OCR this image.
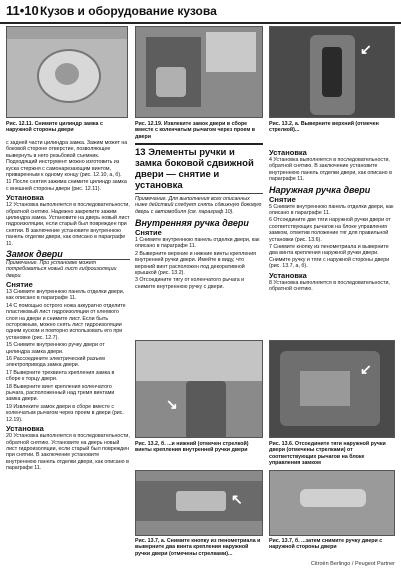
11•10 Кузов и оборудование кузова
Рис. 12.11. Снимите цилиндр замка с наружной стороны двери
Рис. 12.19. Извлеките замок двери в сборе вместе с коленчатым рычагом через проем в двери
↙
Рис. 13.2, а. Выверните верхний (отмечен стрелкой)...

с задней части цилиндра замка. Зажим может на боковой стороне отверстие, позволяющее вывернуть в него резьбовой съемник. Подходящий инструмент можно изготовить из куска стержня с самонарезающим винтом, приваренным к одному концу (рис. 12.10, а, б).

11 После снятия зажима снимите цилиндр замка с внешней стороны двери (рис. 12.11).

Установка

12 Установка выполняется в последовательности, обратной снятию. Надежно закрепите зажим цилиндра замка. Установите на дверь новый лист гидроизоляции, если старый был поврежден при снятии. В заключение установите внутреннюю панель отделки двери, как описано в параграфе 11.

Замок двери

Примечание. При установке может потребоваться новый лист гидроизоляции двери.

Снятие

13 Снимите внутреннюю панель отделки двери, как описано в параграфе 11.

14 С помощью острого ножа аккуратно отделите пластиковый лист гидроизоляции от клеевого слоя на двери и снимите лист. Если быть осторожным, можно снять лист гидроизоляции одним куском и повторно использовать его при установке (рис. 12.7).

15 Снимите внутреннюю ручку двери от цилиндра замка двери.

16 Рассоедините электрический разъем электропривода замка двери.

17 Выверните трехвинта крепления замка в сборе к торцу двери.

18 Выверните винт крепления коленчатого рычага, расположенный над тремя винтами замка двери.

19 Извлеките замок двери в сборе вместе с коленчатым рычагом через проем в двери (рис. 12.19).

Установка

20 Установка выполняется в последовательности, обратной снятию. Установите на дверь новый лист гидроизоляции, если старый был поврежден при снятии. В заключение установите внутреннюю панель отделки двери, как описано в параграфе 11.

13 Элементы ручки и замка боковой сдвижной двери — снятие и установка
Примечание. Для выполнения всех описанных ниже действий следует снять сдвижную боковую дверь с автомобиля (см. параграф 10).
Внутренняя ручка двери
Снятие

1 Снимите внутреннюю панель отделки двери, как описано в параграфе 11.

2 Выверните верхние и нижние винты крепления внутренней ручки двери. Имейте в виду, что верхний винт расположен под декоративной крышкой (рис. 13.2).

3 Отсоедините тягу от коленчатого рычага и снимите внутреннюю ручку с двери.

Установка

4 Установка выполняется в последовательности, обратной снятию. В заключение установите внутреннюю панель отделки двери, как описано в параграфе 11.

Наружная ручка двери
Снятие

5 Снимите внутреннюю панель отделки двери, как описано в параграфе 11.

6 Отсоедините две тяги наружной ручки двери от соответствующих рычагов на блоке управления замком, отметив положение тяг для правильной установки (рис. 13.6).

7 Снимите кнопку из пенометриала и выверните два винта крепления наружной ручки двери. Снимите ручку и тяги с наружной стороны двери (рис. 13.7, а, б).

Установка

8 Установка выполняется в последовательности, обратной снятию.

↘
Рис. 13.2, б. ...и нижний (отмечен стрелкой) винты крепления внутренней ручки двери
↙
Рис. 13.6. Отсоедините тяги наружной ручки двери (отмечены стрелками) от соответствующих рычагов на блоке управления замком
↖
Рис. 13.7, а. Снимите кнопку из пенометриала и выверните два винта крепления наружной ручки двери (отмечены стрелками)...
Рис. 13.7, б. ...затем снимите ручку двери с наружной стороны двери
Citroën Berlingo / Peugeot Partner
